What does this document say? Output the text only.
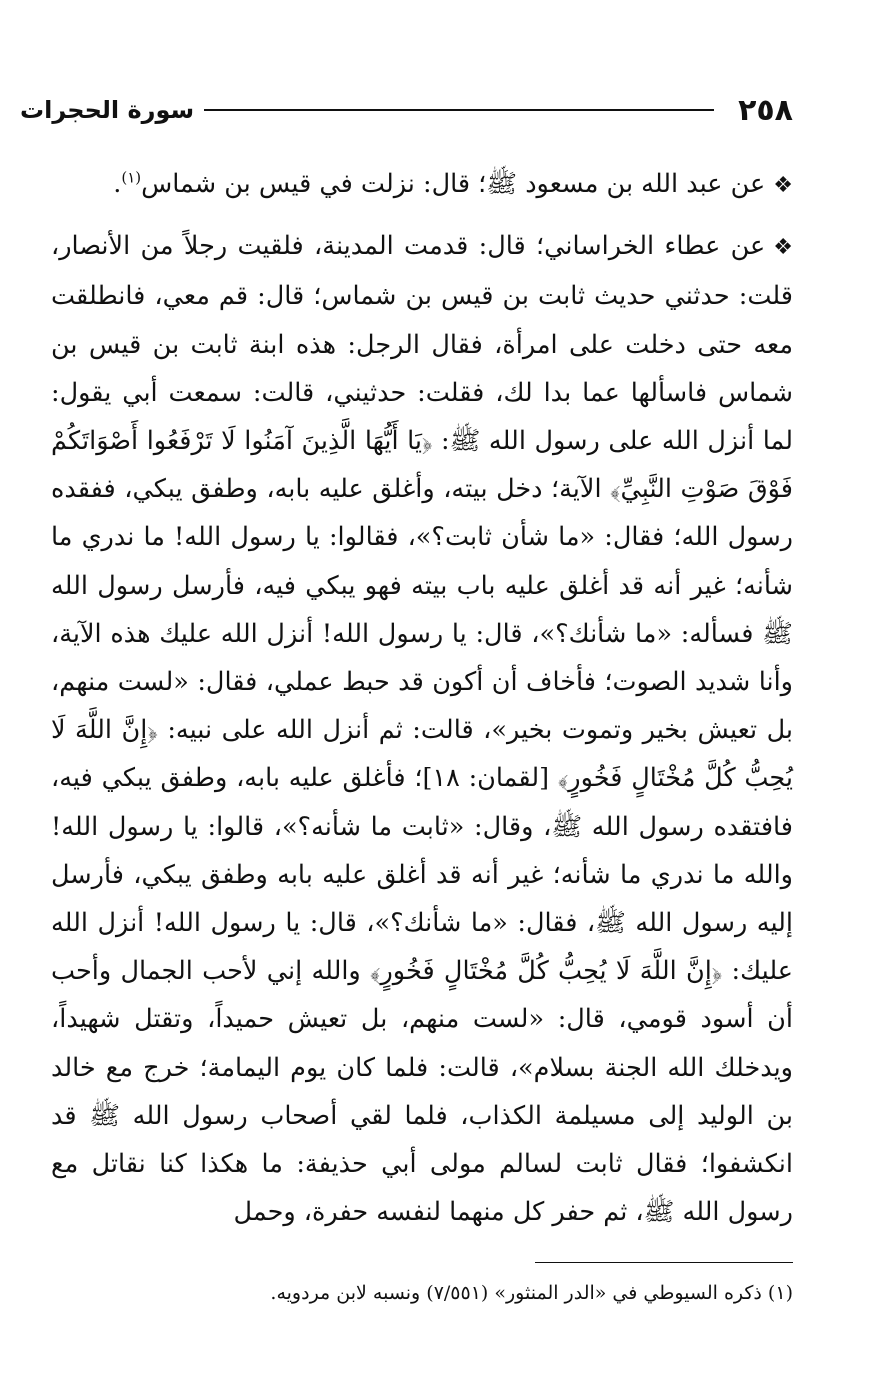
٢٥٨
سورة الحجرات

❖عن عبد الله بن مسعود ﷺ؛ قال: نزلت في قيس بن شماس$^{(١)}$.

❖عن عطاء الخراساني؛ قال: قدمت المدينة، فلقيت رجلاً من الأنصار، قلت: حدثني حديث ثابت بن قيس بن شماس؛ قال: قم معي، فانطلقت معه حتى دخلت على امرأة، فقال الرجل: هذه ابنة ثابت بن قيس بن شماس فاسألها عما بدا لك، فقلت: حدثيني، قالت: سمعت أبي يقول: لما أنزل الله على رسول الله ﷺ: ﴿يَا أَيُّهَا الَّذِينَ آمَنُوا لَا تَرْفَعُوا أَصْوَاتَكُمْ فَوْقَ صَوْتِ النَّبِيِّ﴾ الآية؛ دخل بيته، وأغلق عليه بابه، وطفق يبكي، ففقده رسول الله؛ فقال: «ما شأن ثابت؟»، فقالوا: يا رسول الله! ما ندري ما شأنه؛ غير أنه قد أغلق عليه باب بيته فهو يبكي فيه، فأرسل رسول الله ﷺ فسأله: «ما شأنك؟»، قال: يا رسول الله! أنزل الله عليك هذه الآية، وأنا شديد الصوت؛ فأخاف أن أكون قد حبط عملي، فقال: «لست منهم، بل تعيش بخير وتموت بخير»، قالت: ثم أنزل الله على نبيه: ﴿إِنَّ اللَّهَ لَا يُحِبُّ كُلَّ مُخْتَالٍ فَخُورٍ﴾ [لقمان: ١٨]؛ فأغلق عليه بابه، وطفق يبكي فيه، فافتقده رسول الله ﷺ، وقال: «ثابت ما شأنه؟»، قالوا: يا رسول الله! والله ما ندري ما شأنه؛ غير أنه قد أغلق عليه بابه وطفق يبكي، فأرسل إليه رسول الله ﷺ، فقال: «ما شأنك؟»، قال: يا رسول الله! أنزل الله عليك: ﴿إِنَّ اللَّهَ لَا يُحِبُّ كُلَّ مُخْتَالٍ فَخُورٍ﴾ والله إني لأحب الجمال وأحب أن أسود قومي، قال: «لست منهم، بل تعيش حميداً، وتقتل شهيداً، ويدخلك الله الجنة بسلام»، قالت: فلما كان يوم اليمامة؛ خرج مع خالد بن الوليد إلى مسيلمة الكذاب، فلما لقي أصحاب رسول الله ﷺ قد انكشفوا؛ فقال ثابت لسالم مولى أبي حذيفة: ما هكذا كنا نقاتل مع رسول الله ﷺ، ثم حفر كل منهما لنفسه حفرة، وحمل

(١) ذكره السيوطي في «الدر المنثور» (٧/٥٥١) ونسبه لابن مردويه.
